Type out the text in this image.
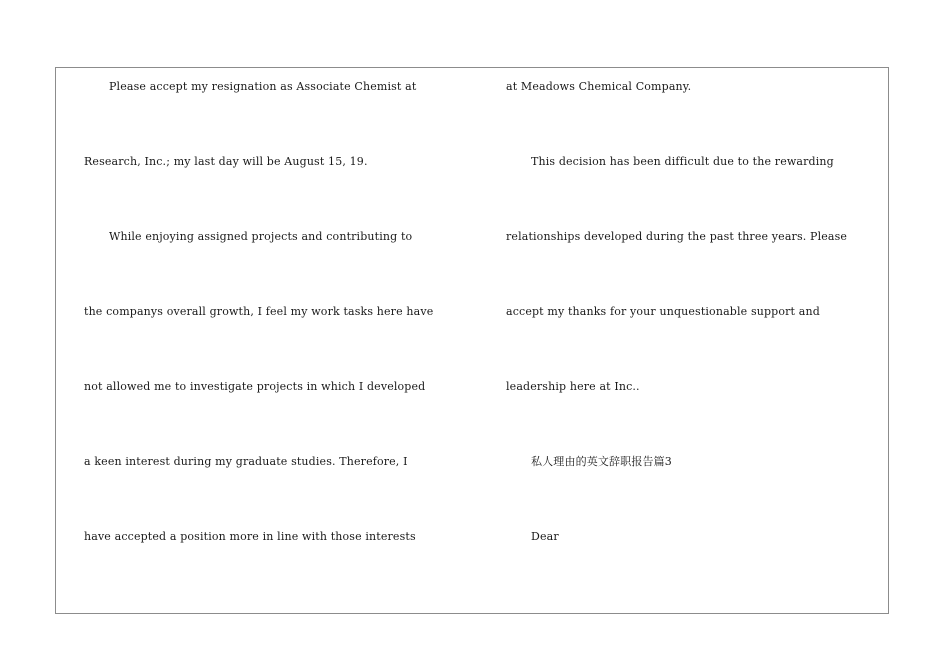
Please accept my resignation as Associate Chemist at
Research, Inc.; my last day will be August 15, 19.
While enjoying assigned projects and contributing to
the companys overall growth, I feel my work tasks here have
not allowed me to investigate projects in which I developed
a keen interest during my graduate studies. Therefore, I
have accepted a position more in line with those interests
at Meadows Chemical Company.
This decision has been difficult due to the rewarding
relationships developed during the past three years. Please
accept my thanks for your unquestionable support and
leadership here at Inc..
私人理由的英文辞职报告篇3
Dear
